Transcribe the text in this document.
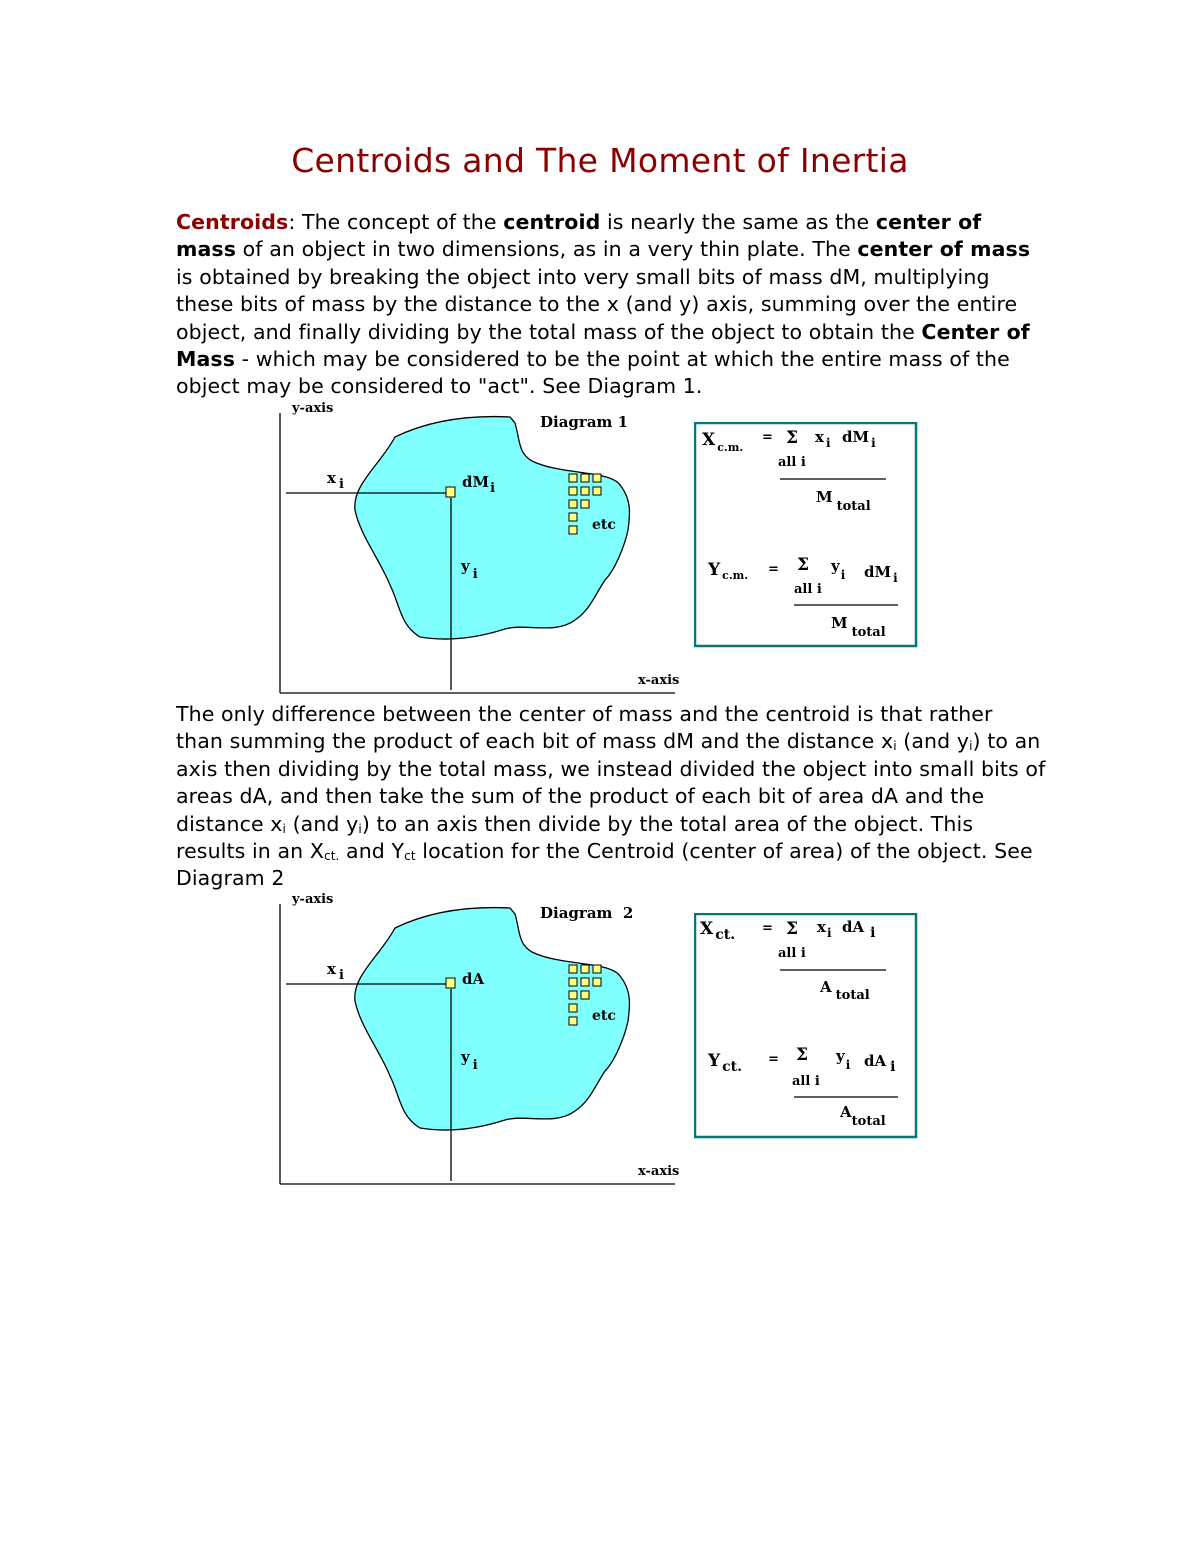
Centroids and The Moment of Inertia
Centroids: The concept of the centroid is nearly the same as the center of mass of an object in two dimensions, as in a very thin plate. The center of mass is obtained by breaking the object into very small bits of mass dM, multiplying these bits of mass by the distance to the x (and y) axis, summing over the entire object, and finally dividing by the total mass of the object to obtain the Center of Mass - which may be considered to be the point at which the entire mass of the object may be considered to "act". See Diagram 1.
y-axis
x-axis
Diagram 1
x i
y i
dMi
etc
X $_{c.m.}$
= Σ x $_i$ dM $_i$
all i
Mtotal
Y $_{c.m.}$ = Σ $y_i$ dM $_i$
all i
Mtotal
The only difference between the center of mass and the centroid is that rather than summing the product of each bit of mass dM and the distance $x_i$ (and $y_i$) to an axis then dividing by the total mass, we instead divided the object into small bits of areas dA, and then take the sum of the product of each bit of area dA and the distance $x_i$ (and $y_i$) to an axis then divide by the total area of the object. This results in an $X_{ct.}$ and $Y_{ct}$ location for the Centroid (center of area) of the object. See Diagram 2
y-axis
x-axis
Diagram  2
x i
y i
dA
etc
X $_{ct.}$ = Σ $x_i$ dA i
all i
A total
Y $_{ct.}$ = Σ $y_i$ dA i
all i
Atotal
